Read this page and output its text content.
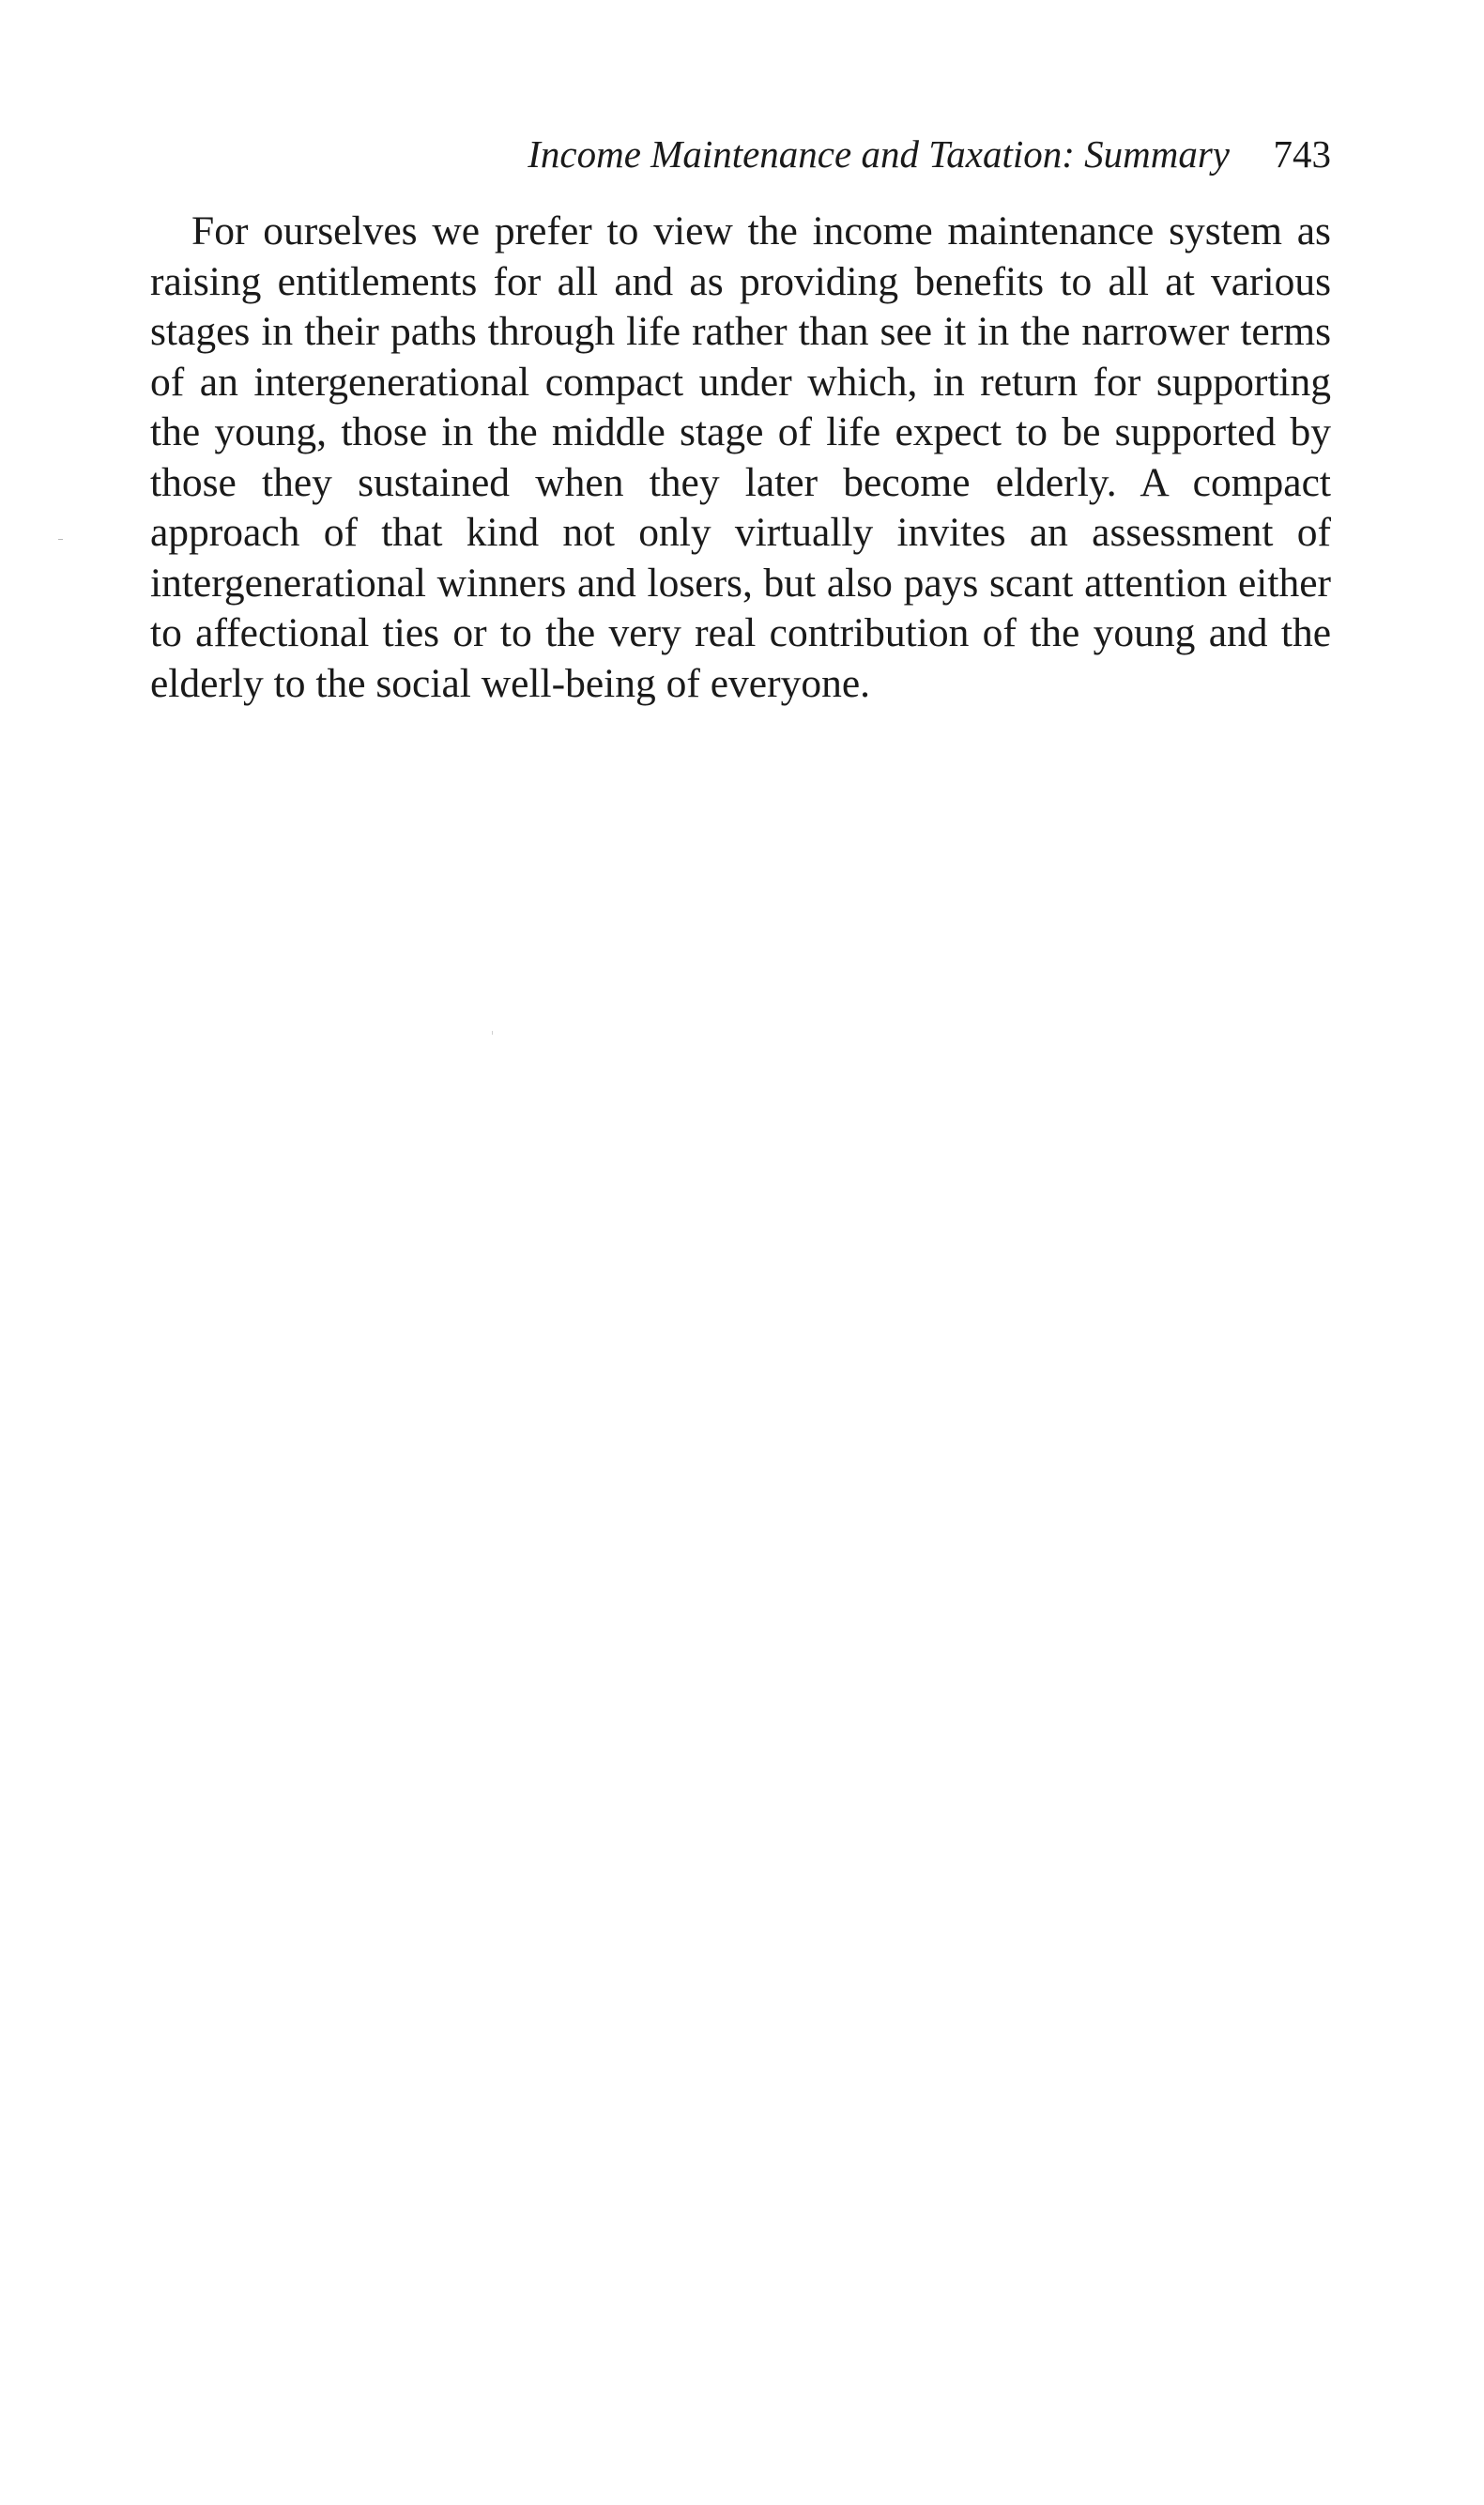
Income Maintenance and Taxation: Summary 743

For ourselves we prefer to view the income maintenance system as raising entitlements for all and as providing benefits to all at various stages in their paths through life rather than see it in the narrower terms of an intergenerational compact under which, in return for supporting the young, those in the middle stage of life expect to be supported by those they sustained when they later become elderly. A compact approach of that kind not only virtually invites an assessment of intergenerational winners and losers, but also pays scant attention either to affectional ties or to the very real contribution of the young and the elderly to the social well-being of everyone.
